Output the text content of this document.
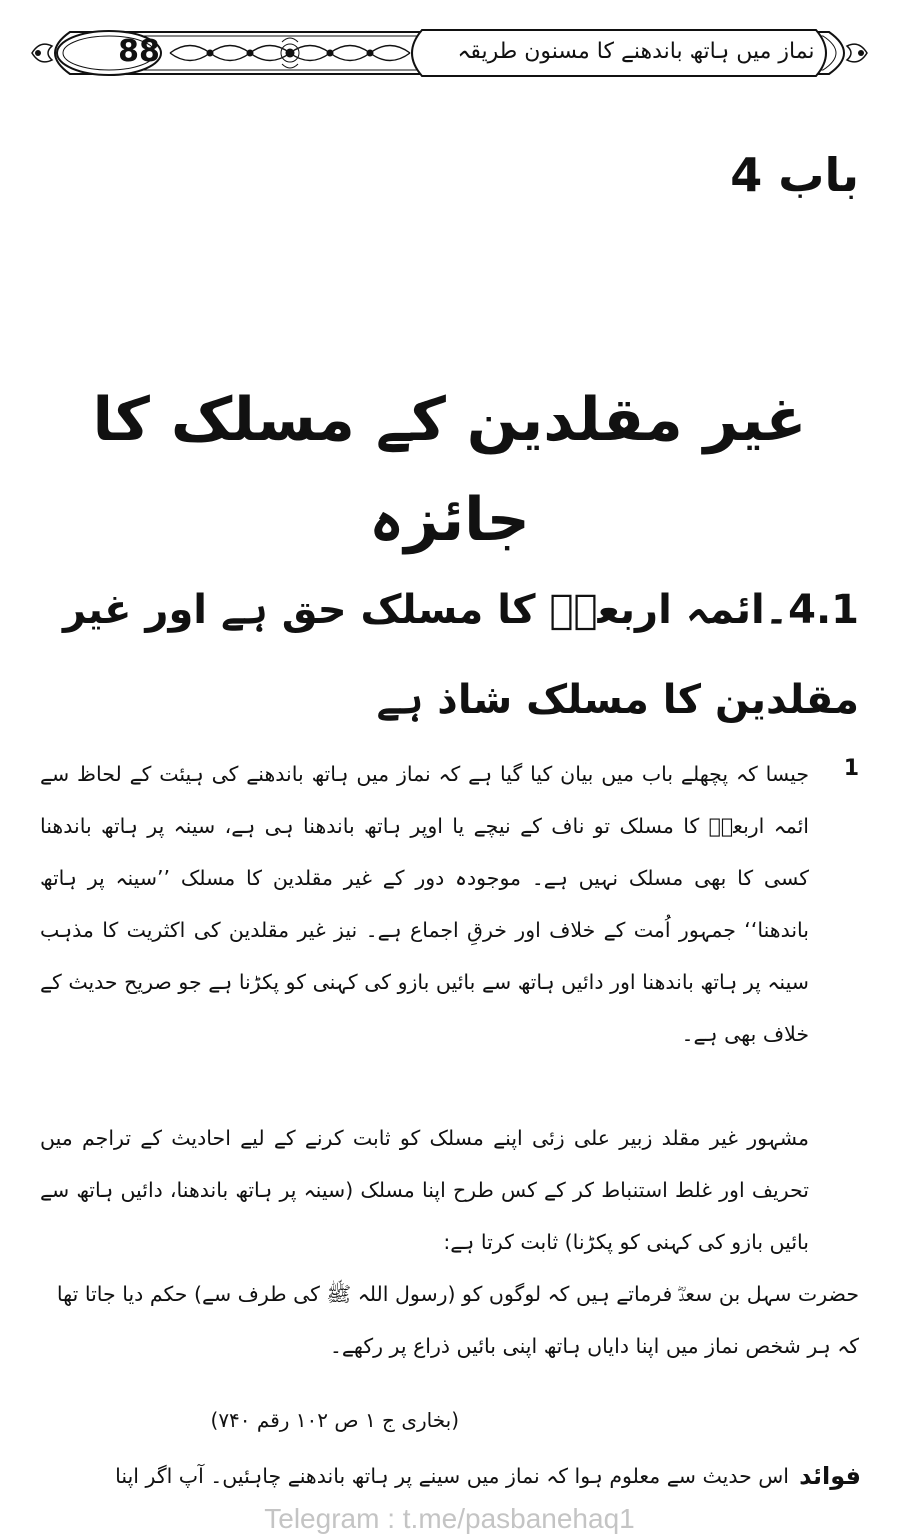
88	نماز میں ہاتھ باندھنے کا مسنون طریقہ
باب 4
غیر مقلدین کے مسلک کا جائزہ
4.1۔ائمہ اربعہؒ کا مسلک حق ہے اور غیر مقلدین کا مسلک شاذ ہے
1
جیسا کہ پچھلے باب میں بیان کیا گیا ہے کہ نماز میں ہاتھ باندھنے کی ہیئت کے لحاظ سے ائمہ اربعہؒ کا مسلک تو ناف کے نیچے یا اوپر ہاتھ باندھنا ہی ہے، سینہ پر ہاتھ باندھنا کسی کا بھی مسلک نہیں ہے۔ موجودہ دور کے غیر مقلدین کا مسلک ’’سینہ پر ہاتھ باندھنا‘‘ جمہور اُمت کے خلاف اور خرقِ اجماع ہے۔ نیز غیر مقلدین کی اکثریت کا مذہب سینہ پر ہاتھ باندھنا اور دائیں ہاتھ سے بائیں بازو کی کہنی کو پکڑنا ہے جو صریح حدیث کے خلاف بھی ہے۔
مشہور غیر مقلد زبیر علی زئی اپنے مسلک کو ثابت کرنے کے لیے احادیث کے تراجم میں تحریف اور غلط استنباط کر کے کس طرح اپنا مسلک (سینہ پر ہاتھ باندھنا، دائیں ہاتھ سے بائیں بازو کی کہنی کو پکڑنا) ثابت کرتا ہے:
حضرت سہل بن سعدؓ فرماتے ہیں کہ لوگوں کو (رسول اللہ ﷺ کی طرف سے) حکم دیا جاتا تھا کہ ہر شخص نماز میں اپنا دایاں ہاتھ اپنی بائیں ذراع پر رکھے۔
(بخاری ج ۱ ص ۱۰۲ رقم ۷۴۰)
فوائد
اس حدیث سے معلوم ہوا کہ نماز میں سینے پر ہاتھ باندھنے چاہئیں۔ آپ اگر اپنا
Telegram : t.me/pasbanehaq1
